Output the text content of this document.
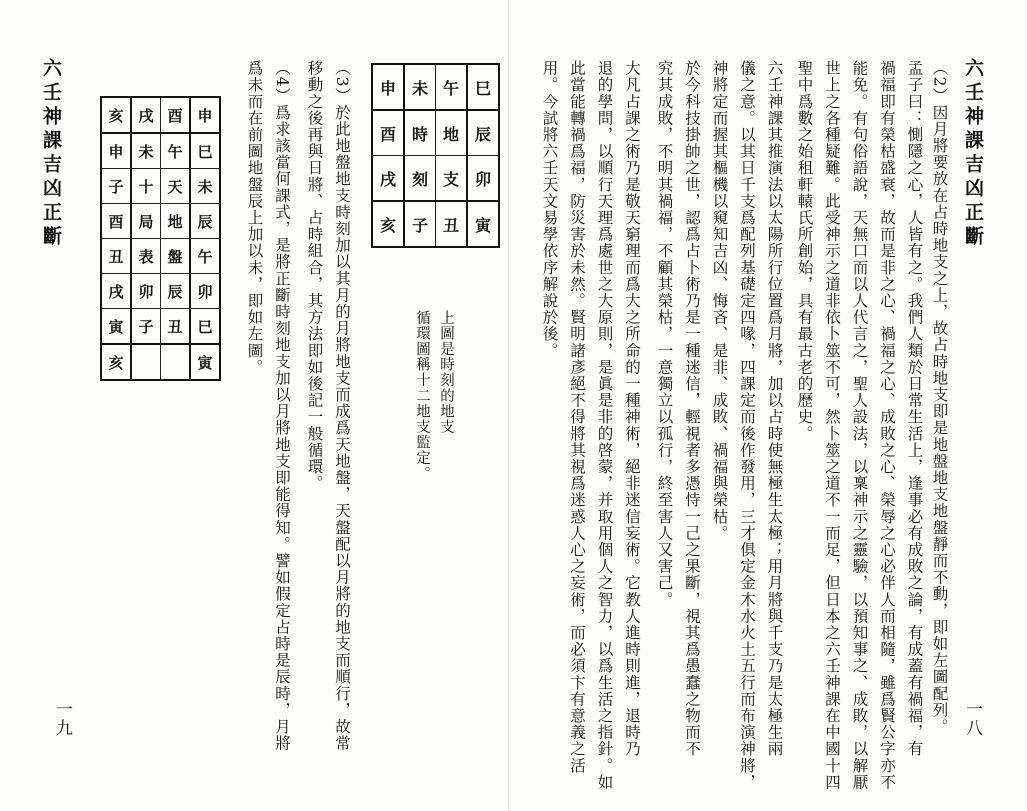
六壬神課吉凶正斷	亥	戌	酉	申
申	未	午	巳
子	十	天	未
酉	局	地	辰
丑	表	盤	午
戌	卯	辰	卯
寅	子	丑	巳
亥			寅	（4）爲求該當何課式，是將正斷時刻地支加以月將地支即能得知。譬如假定占時是辰時，月將
爲未而在前圖地盤辰上加以未，即如左圖。	（3）於此地盤地支時刻加以其月的月將地支而成爲天地盤，天盤配以月將的地支而順行，故常
移動之後再與日將、占時組合，其方法即如後記一般循環。
一九
申	未	午	巳
酉	時	地	辰
戌	刻	支	卯
亥	子	丑	寅
上圖是時刻的地支
循環圖稱十二地支監定。	大凡占課之術乃是敬天窮理而爲大之所命的一種神術，絕非迷信妄術。它教人進時則進，退時乃
退的學問，以順行天理爲處世之大原則，是眞是非的啓蒙，并取用個人之智力，以爲生活之指針。如
此當能轉禍爲福，防災害於未然。賢明諸彥絕不得將其視爲迷惑人心之妄術，而必須卞有意義之活
用。今試將六壬天文易學依序解說於後。	於今科技掛帥之世，認爲占卜術乃是一種迷信，輕視者多憑恃一己之果斷，視其爲愚蠢之物而不
究其成敗，不明其禍福，不顧其榮枯，一意獨立以孤行，終至害人又害己。	六壬神課其推演法以太陽所行位置爲月將，加以占時使無極生太極；用月將與千支乃是太極生兩
儀之意。以其日千支爲配列基礎定四喙，四課定而後作發用，三才俱定金木水火土五行而布演神將，
神將定而握其樞機以窺知吉凶、悔吝、是非、成敗、禍福與榮枯。	孟子曰：惻隱之心，人皆有之。我們人類於日常生活上，逢事必有成敗之論，有成蓋有禍福，有
禍福即有榮枯盛衰，故而是非之心、禍福之心、成敗之心、榮辱之心必伴人而相隨，雖爲賢公字亦不
能免。有句俗語說，天無口而以人代言之，聖人設法，以稟神示之靈驗，以預知事之、成敗，以解厭
世上之各種疑難。此受神示之道非依卜筮不可，然卜筮之道不一而足，但日本之六壬神課在中國十四
聖中爲數之始租軒轅氏所創始，具有最古老的歷史。	（2）因月將要放在占時地支之上，故占時地支即是地盤地支地盤靜而不動，即如左圖配列。 六壬神課吉凶正斷
一八
